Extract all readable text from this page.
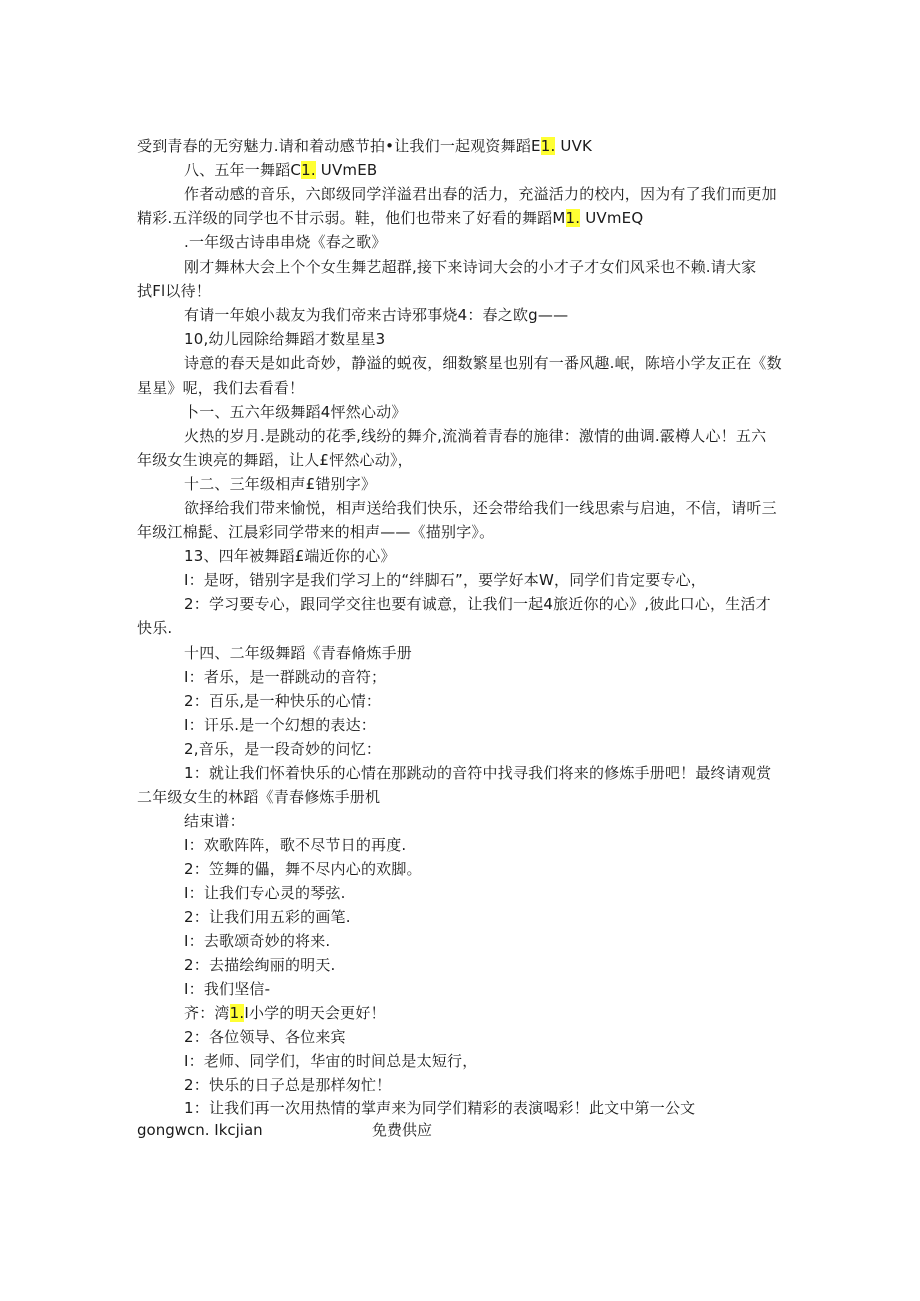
受到青春的无穷魅力.请和着动感节拍•让我们一起观资舞蹈E1. UVK
八、五年一舞蹈C1. UVmEB
作者动感的音乐，六郎级同学洋溢君出春的活力，充溢活力的校内，因为有了我们而更加
精彩.五洋级的同学也不甘示弱。鞋，他们也带来了好看的舞蹈M1. UVmEQ
.一年级古诗串串烧《春之歌》
刚才舞林大会上个个女生舞艺超群,接下来诗词大会的小才子才女们风采也不赖.请大家
拭Fl以待！
有请一年娘小裁友为我们帝来古诗邪事烧4：春之欧g——
10,幼儿园除给舞蹈才数星星3
诗意的春天是如此奇妙，静溢的蜕夜，细数繁星也别有一番风趣.岷，陈培小学友正在《数
星星》呢，我们去看看！
卜一、五六年级舞蹈4怦然心动》
火热的岁月.是跳动的花季,线纷的舞介,流淌着青春的施律：激情的曲调.霰樽人心！五六
年级女生谀亮的舞蹈，让人£怦然心动》，
十二、三年级相声£错别字》
欲择给我们带来愉悦，相声送给我们快乐，还会带给我们一线思索与启迪，不信，请听三
年级江棉髭、江晨彩同学带来的相声——《描别字》。
13、四年被舞蹈£端近你的心》
I：是呀，错别字是我们学习上的“绊脚石”，要学好本W，同学们肯定要专心，
2：学习要专心，跟同学交往也要有诚意，让我们一起4旅近你的心》,彼此口心，生活才
快乐.
十四、二年级舞蹈《青春脩炼手册
I：者乐，是一群跳动的音符；
2：百乐,是一种快乐的心情：
I：讦乐.是一个幻想的表达：
2,音乐，是一段奇妙的问忆：
1：就让我们怀着快乐的心情在那跳动的音符中找寻我们将来的修炼手册吧！最终请观赏
二年级女生的林蹈《青春修炼手册机
结束谱：
I：欢歌阵阵，歌不尽节日的再度.
2：笠舞的儡，舞不尽内心的欢脚。
I：让我们专心灵的琴弦.
2：让我们用五彩的画笔.
I：去歌颂奇妙的将来.
2：去描绘绚丽的明天.
I：我们坚信-
齐：湾1.I小学的明天会更好！
2：各位领导、各位来宾
I：老师、同学们，华宙的时间总是太短行，
2：快乐的日子总是那样匆忙！
1：让我们再一次用热情的掌声来为同学们精彩的表演喝彩！此文中第一公文
gongwcn. Ikcjian	免费供应
